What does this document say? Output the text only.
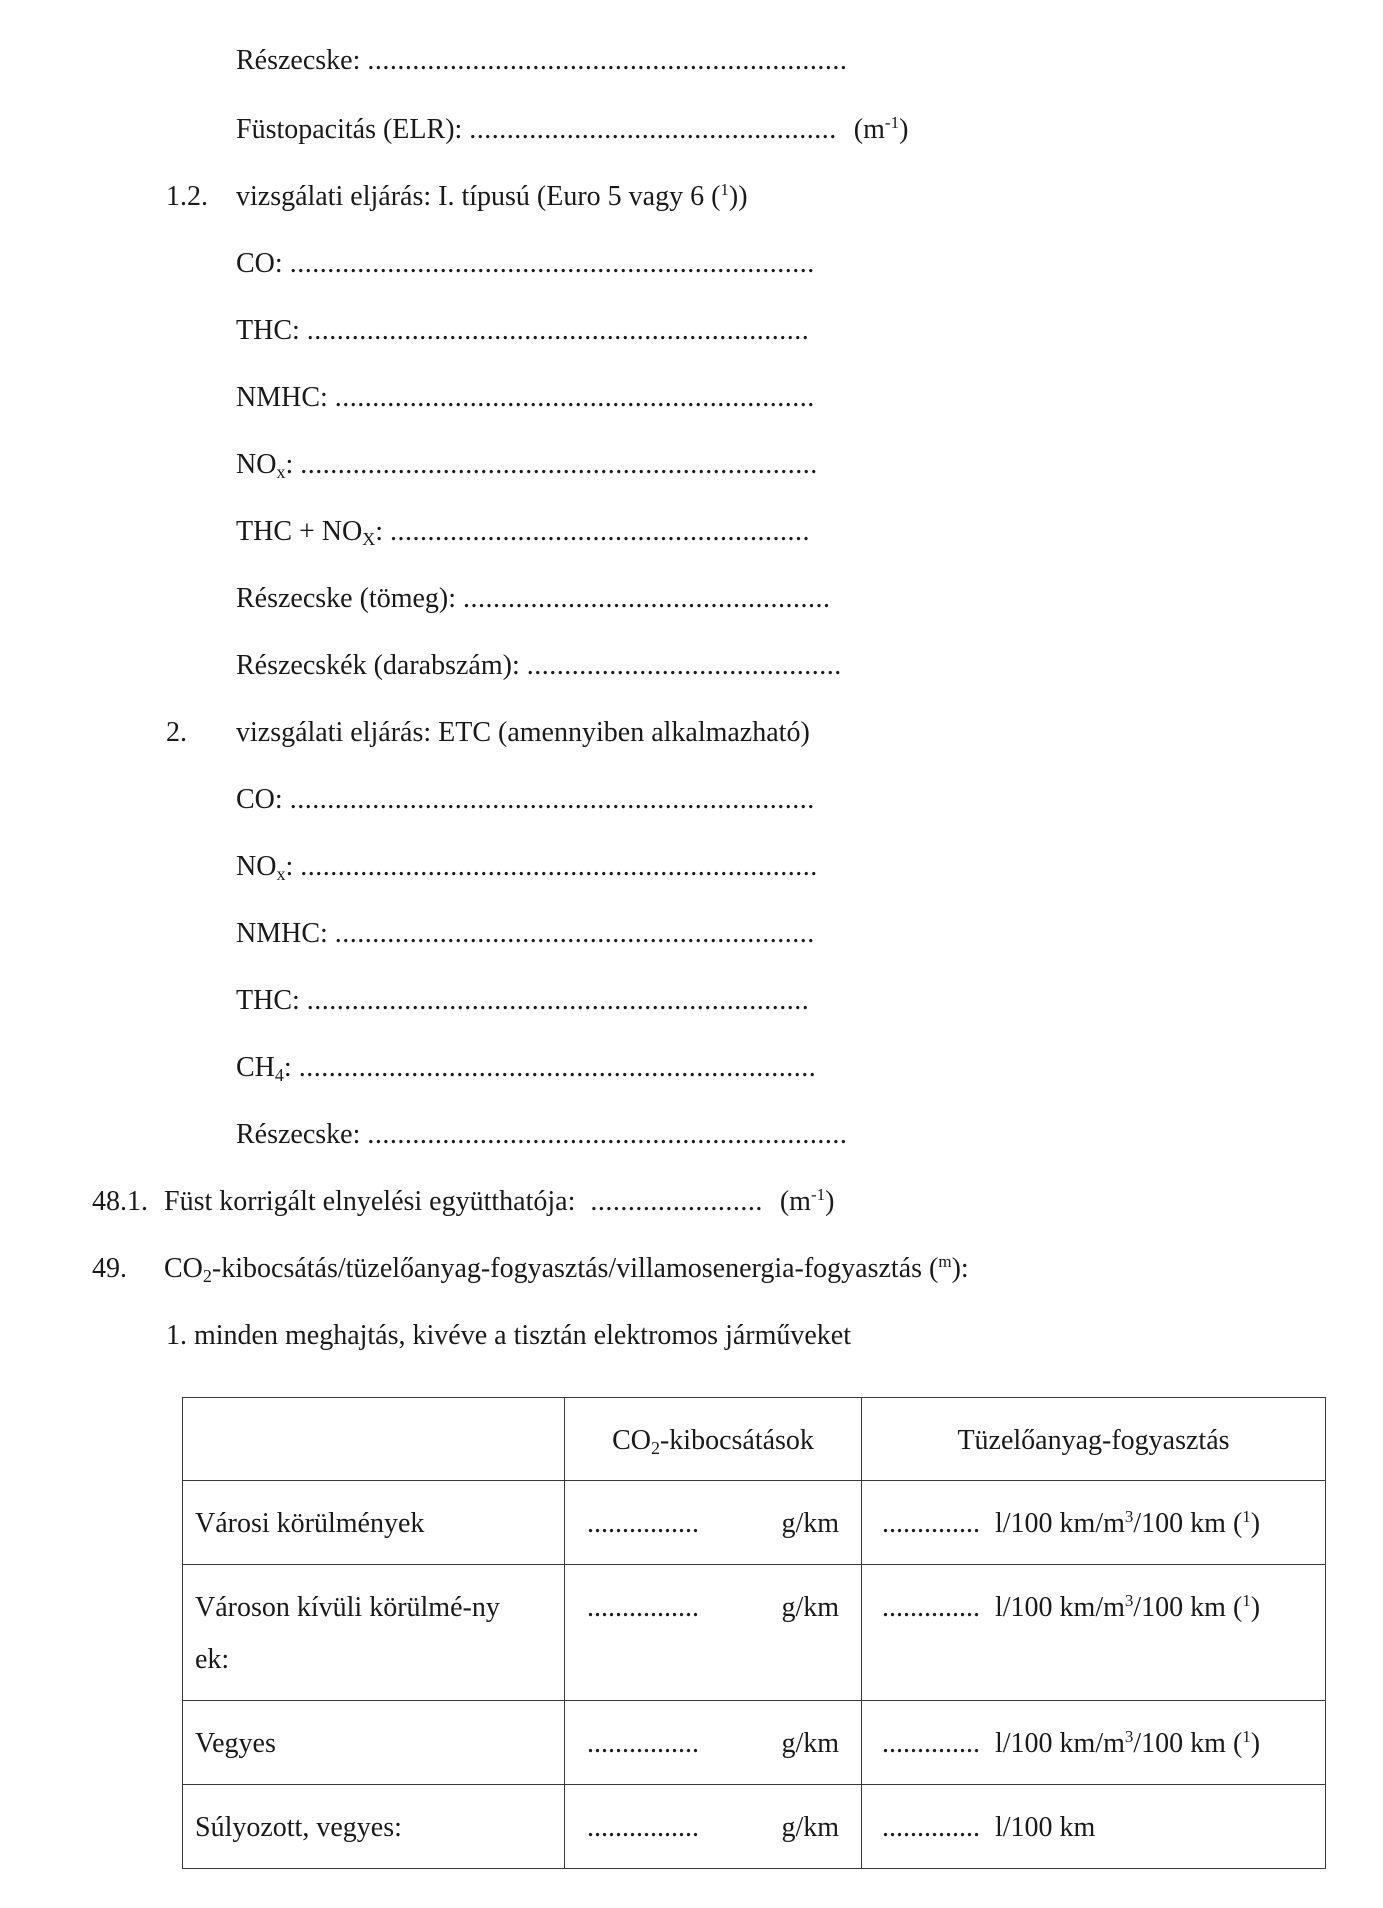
Részecske: ................................................................
Füstopacitás (ELR): ................................................. $(m^{-1})$
1.2. vizsgálati eljárás: I. típusú (Euro 5 vagy 6 ($^1$))
CO: ......................................................................
THC: ...................................................................
NMHC: ................................................................
$NO_x$: .....................................................................
THC + $NO_X$: ........................................................
Részecske (tömeg): .................................................
Részecskék (darabszám): ..........................................
2. vizsgálati eljárás: ETC (amennyiben alkalmazható)
CO: ......................................................................
$NO_x$: .....................................................................
NMHC: ................................................................
THC: ...................................................................
$CH_4$: .....................................................................
Részecske: ................................................................
48.1. Füst korrigált elnyelési együtthatója: ....................... $(m^{-1})$
49. $CO_2-kibocsátás/tüzelőanyag-fogyasztás/villamosenergia$-fogyasztás ($^m$):
1. minden meghajtás, kivéve a tisztán elektromos járműveket
	$CO_2$-kibocsátások	Tüzelőanyag-fogyasztás
Városi körülmények	................ g/km	.............. l/100 $km/m^3/100$ km ($^1$)

Városon kívüli körülmé-nyek:	................ g/km	.............. l/100 $km/m^3/100$ km ($^1$)

Vegyes	................ g/km	.............. l/100 $km/m^3/100$ km ($^1$)

Súlyozott, vegyes:	................ g/km	.............. l/100 km
